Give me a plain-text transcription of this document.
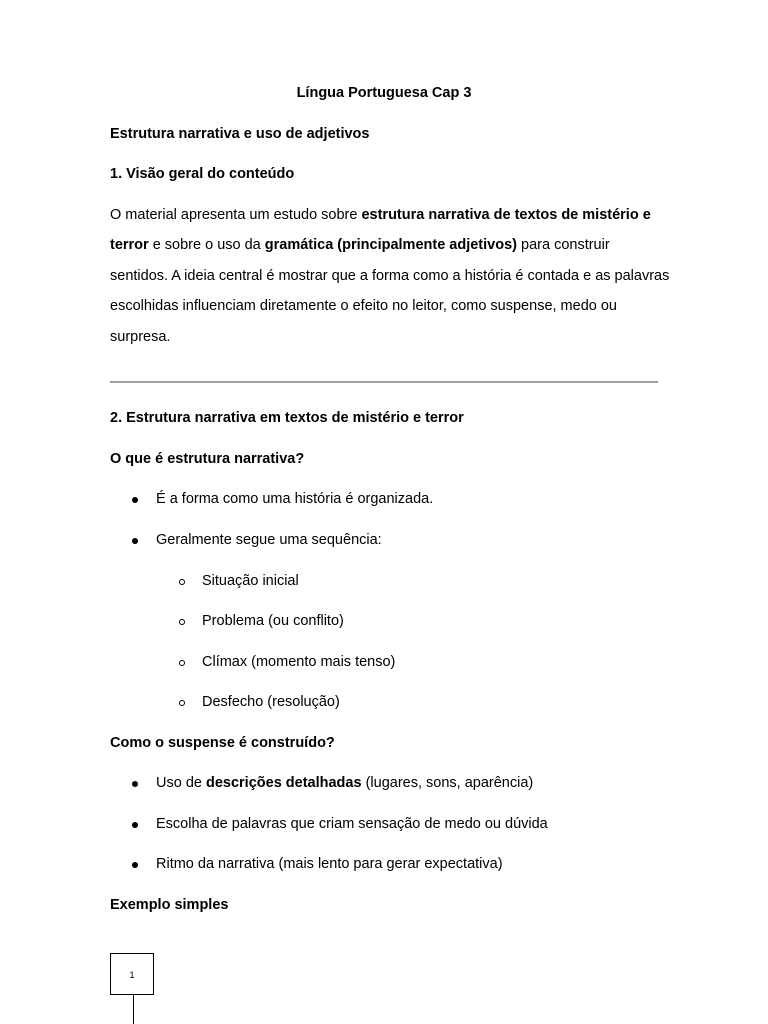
Língua Portuguesa Cap 3
Estrutura narrativa e uso de adjetivos
1. Visão geral do conteúdo
O material apresenta um estudo sobre estrutura narrativa de textos de mistério e
terror e sobre o uso da gramática (principalmente adjetivos) para construir
sentidos. A ideia central é mostrar que a forma como a história é contada e as palavras
escolhidas influenciam diretamente o efeito no leitor, como suspense, medo ou
surpresa.
2. Estrutura narrativa em textos de mistério e terror
O que é estrutura narrativa?
É a forma como uma história é organizada.
Geralmente segue uma sequência:
Situação inicial
Problema (ou conflito)
Clímax (momento mais tenso)
Desfecho (resolução)
Como o suspense é construído?
Uso de descrições detalhadas (lugares, sons, aparência)
Escolha de palavras que criam sensação de medo ou dúvida
Ritmo da narrativa (mais lento para gerar expectativa)
Exemplo simples
1
